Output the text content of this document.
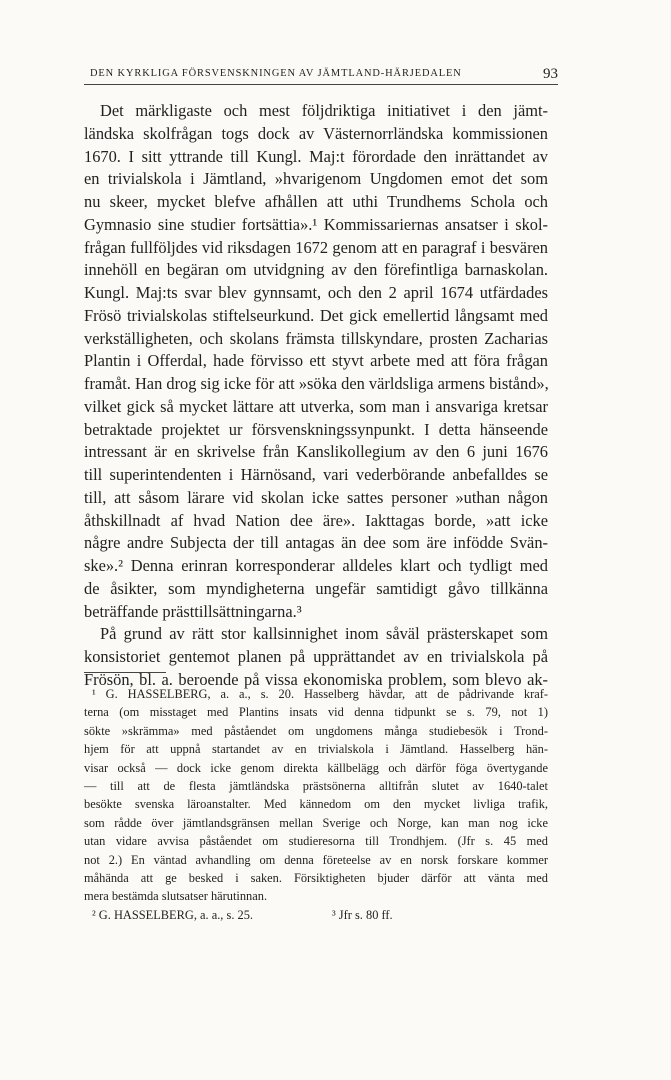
DEN KYRKLIGA FÖRSVENSKNINGEN AV JÄMTLAND-HÄRJEDALEN	93

Det märkligaste och mest följdriktiga initiativet i den jämt-

ländska skolfrågan togs dock av Västernorrländska kommissionen

1670. I sitt yttrande till Kungl. Maj:t förordade den inrättandet av

en trivialskola i Jämtland, »hvarigenom Ungdomen emot det som

nu skeer, mycket blefve afhållen att uthi Trundhems Schola och

Gymnasio sine studier fortsättia».¹ Kommissariernas ansatser i skol-

frågan fullföljdes vid riksdagen 1672 genom att en paragraf i besvären

innehöll en begäran om utvidgning av den förefintliga barnaskolan.

Kungl. Maj:ts svar blev gynnsamt, och den 2 april 1674 utfärdades

Frösö trivialskolas stiftelseurkund. Det gick emellertid långsamt med

verkställigheten, och skolans främsta tillskyndare, prosten Zacharias

Plantin i Offerdal, hade förvisso ett styvt arbete med att föra frågan

framåt. Han drog sig icke för att »söka den världsliga armens bistånd»,

vilket gick så mycket lättare att utverka, som man i ansvariga kretsar

betraktade projektet ur försvenskningssynpunkt. I detta hänseende

intressant är en skrivelse från Kanslikollegium av den 6 juni 1676

till superintendenten i Härnösand, vari vederbörande anbefalldes se

till, att såsom lärare vid skolan icke sattes personer »uthan någon

åthskillnadt af hvad Nation dee äre». Iakttagas borde, »att icke

någre andre Subjecta der till antagas än dee som äre infödde Svän-

ske».² Denna erinran korresponderar alldeles klart och tydligt med

de åsikter, som myndigheterna ungefär samtidigt gåvo tillkänna

beträffande prästtillsättningarna.³

På grund av rätt stor kallsinnighet inom såväl prästerskapet som

konsistoriet gentemot planen på upprättandet av en trivialskola på

Frösön, bl. a. beroende på vissa ekonomiska problem, som blevo ak-

¹ G. HASSELBERG, a. a., s. 20. Hasselberg hävdar, att de pådrivande kraf-

terna (om misstaget med Plantins insats vid denna tidpunkt se s. 79, not 1)

sökte »skrämma» med påståendet om ungdomens många studiebesök i Trond-

hjem för att uppnå startandet av en trivialskola i Jämtland. Hasselberg hän-

visar också — dock icke genom direkta källbelägg och därför föga övertygande

— till att de flesta jämtländska prästsönerna alltifrån slutet av 1640-talet

besökte svenska läroanstalter. Med kännedom om den mycket livliga trafik,

som rådde över jämtlandsgränsen mellan Sverige och Norge, kan man nog icke

utan vidare avvisa påståendet om studieresorna till Trondhjem. (Jfr s. 45 med

not 2.) En väntad avhandling om denna företeelse av en norsk forskare kommer

måhända att ge besked i saken. Försiktigheten bjuder därför att vänta med

mera bestämda slutsatser härutinnan.

² G. HASSELBERG, a. a., s. 25.	³ Jfr s. 80 ff.
